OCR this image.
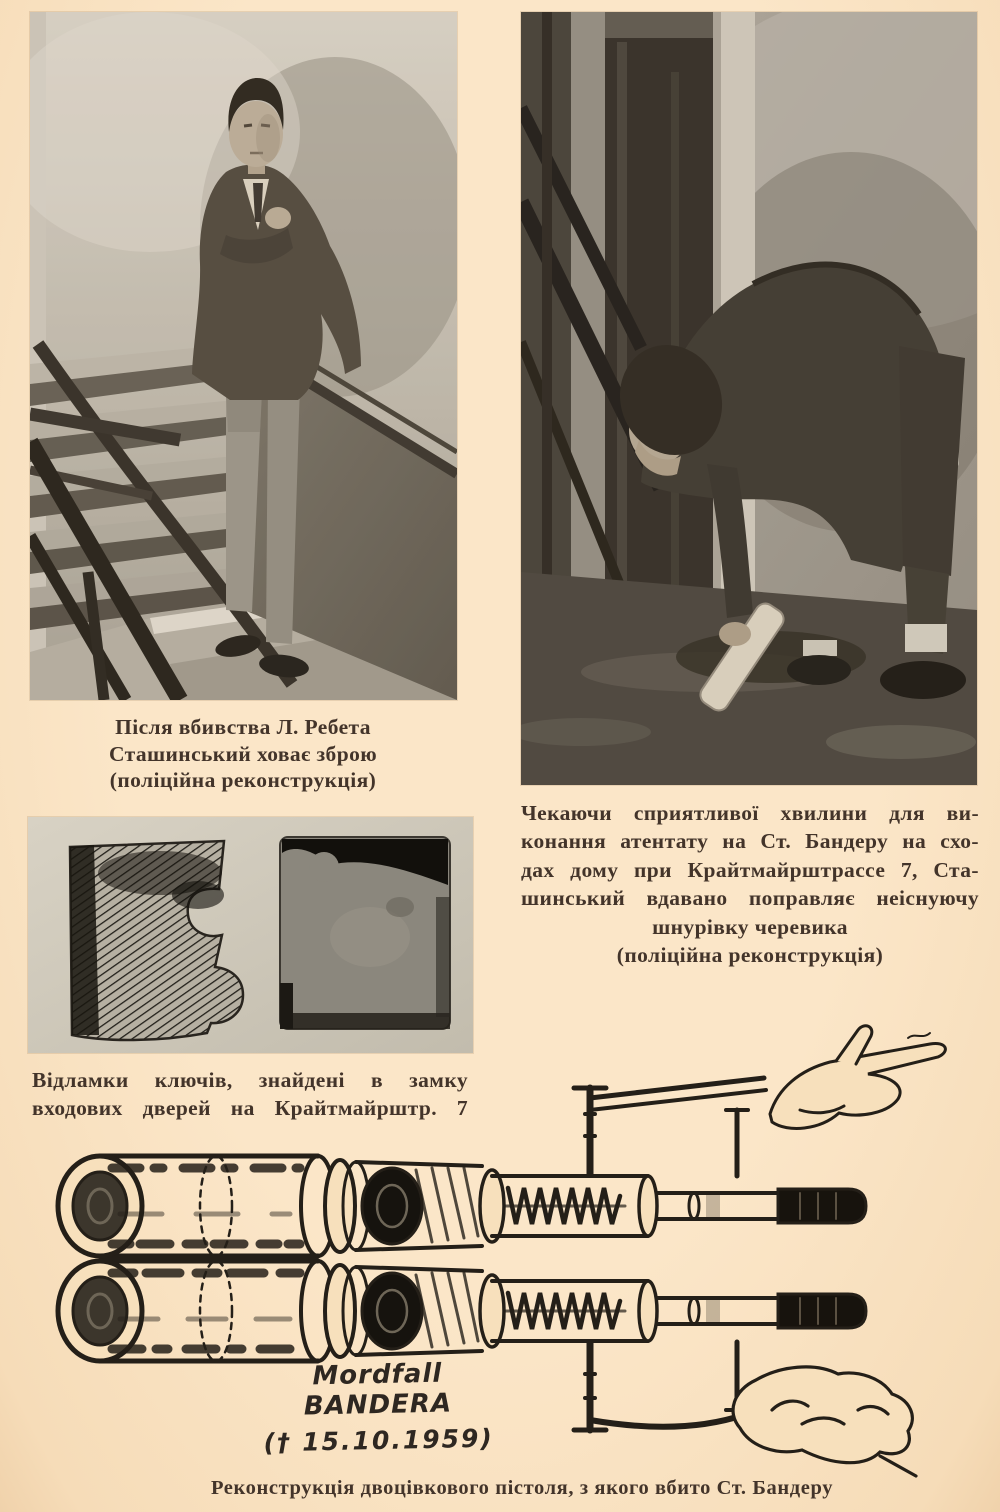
Після вбивства Л. Ребета
Сташинський ховає зброю
(поліційна реконструкція)
Чекаючи сприятливої хвилини для ви-
конання атентату на Ст. Бандеру на схо-
дах дому при Крайтмайрштрассе 7, Ста-
шинський вдавано поправляє неіснуючу
шнурівку черевика
(поліційна реконструкція)
Відламки ключів, знайдені в замку
входових дверей на Крайтмайрштр. 7
Mordfall BANDERA
(† 15.10.1959)
Реконструкція двоцівкового пістоля, з якого вбито Ст. Бандеру
